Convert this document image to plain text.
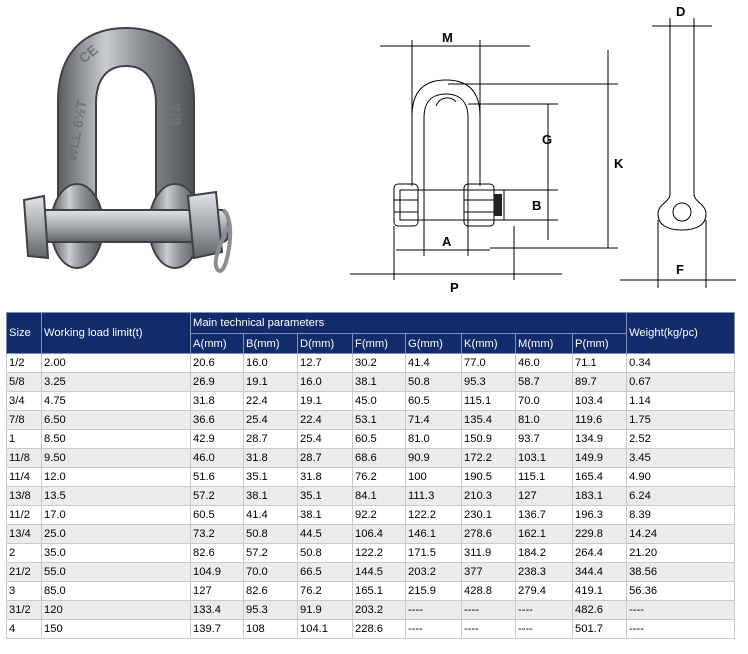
WLL 6½T
CE
7/8
M
K
G
B
A
P
D
F
Size	Working load limit(t)	Main technical parameters								Weight(kg/pc)
		A(mm)	B(mm)	D(mm)	F(mm)	G(mm)	K(mm)	M(mm)	P(mm)	
1/2	2.00	20.6	16.0	12.7	30.2	41.4	77.0	46.0	71.1	0.34
5/8	3.25	26.9	19.1	16.0	38.1	50.8	95.3	58.7	89.7	0.67
3/4	4.75	31.8	22.4	19.1	45.0	60.5	115.1	70.0	103.4	1.14
7/8	6.50	36.6	25.4	22.4	53.1	71.4	135.4	81.0	119.6	1.75
1	8.50	42.9	28.7	25.4	60.5	81.0	150.9	93.7	134.9	2.52
11/8	9.50	46.0	31.8	28.7	68.6	90.9	172.2	103.1	149.9	3.45
11/4	12.0	51.6	35.1	31.8	76.2	100	190.5	115.1	165.4	4.90
13/8	13.5	57.2	38.1	35.1	84.1	111.3	210.3	127	183.1	6.24
11/2	17.0	60.5	41.4	38.1	92.2	122.2	230.1	136.7	196.3	8.39
13/4	25.0	73.2	50.8	44.5	106.4	146.1	278.6	162.1	229.8	14.24
2	35.0	82.6	57.2	50.8	122.2	171.5	311.9	184.2	264.4	21.20
21/2	55.0	104.9	70.0	66.5	144.5	203.2	377	238.3	344.4	38.56
3	85.0	127	82.6	76.2	165.1	215.9	428.8	279.4	419.1	56.36
31/2	120	133.4	95.3	91.9	203.2	----	----	----	482.6	----
4	150	139.7	108	104.1	228.6	----	----	----	501.7	----
